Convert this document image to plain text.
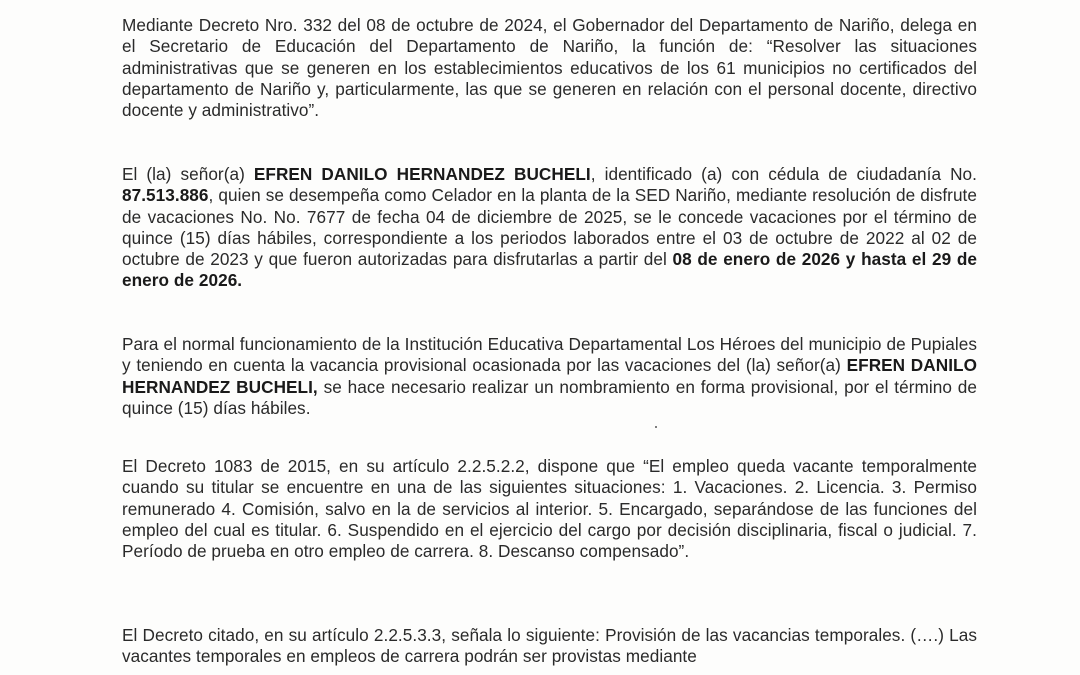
Mediante Decreto Nro. 332 del 08 de octubre de 2024, el Gobernador del Departamento de Nariño, delega en el Secretario de Educación del Departamento de Nariño, la función de: “Resolver las situaciones administrativas que se generen en los establecimientos educativos de los 61 municipios no certificados del departamento de Nariño y, particularmente, las que se generen en relación con el personal docente, directivo docente y administrativo”.

El (la) señor(a) EFREN DANILO HERNANDEZ BUCHELI, identificado (a) con cédula de ciudadanía No. 87.513.886, quien se desempeña como Celador en la planta de la SED Nariño, mediante resolución de disfrute de vacaciones No. No. 7677 de fecha 04 de diciembre de 2025, se le concede vacaciones por el término de quince (15) días hábiles, correspondiente a los periodos laborados entre el 03 de octubre de 2022 al 02 de octubre de 2023 y que fueron autorizadas para disfrutarlas a partir del 08 de enero de 2026 y hasta el 29 de enero de 2026.

Para el normal funcionamiento de la Institución Educativa Departamental Los Héroes del municipio de Pupiales y teniendo en cuenta la vacancia provisional ocasionada por las vacaciones del (la) señor(a) EFREN DANILO HERNANDEZ BUCHELI, se hace necesario realizar un nombramiento en forma provisional, por el término de quince (15) días hábiles.

El Decreto 1083 de 2015, en su artículo 2.2.5.2.2, dispone que “El empleo queda vacante temporalmente cuando su titular se encuentre en una de las siguientes situaciones: 1. Vacaciones. 2. Licencia. 3. Permiso remunerado 4. Comisión, salvo en la de servicios al interior. 5. Encargado, separándose de las funciones del empleo del cual es titular. 6. Suspendido en el ejercicio del cargo por decisión disciplinaria, fiscal o judicial. 7. Período de prueba en otro empleo de carrera. 8. Descanso compensado”.

El Decreto citado, en su artículo 2.2.5.3.3, señala lo siguiente: Provisión de las vacancias temporales. (….) Las vacantes temporales en empleos de carrera podrán ser provistas mediante
